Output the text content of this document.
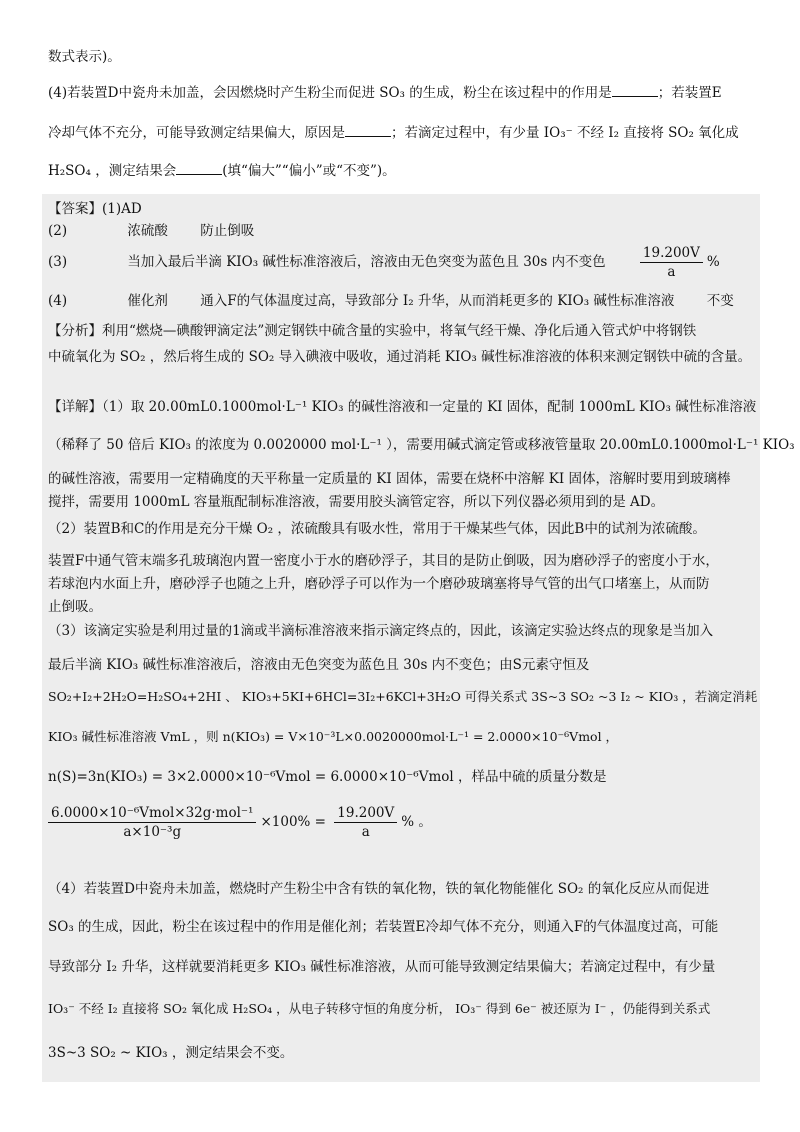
数式表示)。
(4)若装置D中瓷舟未加盖，会因燃烧时产生粉尘而促进 SO₃ 的生成，粉尘在该过程中的作用是	；若装置E
冷却气体不充分，可能导致测定结果偏大，原因是	；若滴定过程中，有少量 IO₃⁻ 不经 I₂ 直接将 SO₂ 氧化成
H₂SO₄ ，测定结果会	(填“偏大”“偏小”或“不变”)。
【答案】(1)AD
(2)	浓硫酸 防止倒吸
(3)	当加入最后半滴 KIO₃ 碱性标准溶液后，溶液由无色突变为蓝色且 30s 内不变色	$\frac{19.200V}{a}$ %
(4)	催化剂 通入F的气体温度过高，导致部分 I₂ 升华，从而消耗更多的 KIO₃ 碱性标准溶液 不变
【分析】利用“燃烧—碘酸钾滴定法”测定钢铁中硫含量的实验中，将氧气经干燥、净化后通入管式炉中将钢铁
中硫氧化为 SO₂ ，然后将生成的 SO₂ 导入碘液中吸收，通过消耗 KIO₃ 碱性标准溶液的体积来测定钢铁中硫的含量。
【详解】（1）取 20.00mL0.1000mol·L⁻¹ KIO₃ 的碱性溶液和一定量的 KI 固体，配制 1000mL KIO₃ 碱性标准溶液
（稀释了 50 倍后 KIO₃ 的浓度为 0.0020000 mol·L⁻¹ ），需要用碱式滴定管或移液管量取 20.00mL0.1000mol·L⁻¹ KIO₃
的碱性溶液，需要用一定精确度的天平称量一定质量的 KI 固体，需要在烧杯中溶解 KI 固体，溶解时要用到玻璃棒
搅拌，需要用 1000mL 容量瓶配制标准溶液，需要用胶头滴管定容，所以下列仪器必须用到的是 AD。
（2）装置B和C的作用是充分干燥 O₂ ，浓硫酸具有吸水性，常用于干燥某些气体，因此B中的试剂为浓硫酸。
装置F中通气管末端多孔玻璃泡内置一密度小于水的磨砂浮子，其目的是防止倒吸，因为磨砂浮子的密度小于水，
若球泡内水面上升，磨砂浮子也随之上升，磨砂浮子可以作为一个磨砂玻璃塞将导气管的出气口堵塞上，从而防
止倒吸。
（3）该滴定实验是利用过量的1滴或半滴标准溶液来指示滴定终点的，因此，该滴定实验达终点的现象是当加入
最后半滴 KIO₃ 碱性标准溶液后，溶液由无色突变为蓝色且 30s 内不变色；由S元素守恒及
SO₂+I₂+2H₂O=H₂SO₄+2HI 、 KIO₃+5KI+6HCl=3I₂+6KCl+3H₂O 可得关系式 3S~3 SO₂ ~3 I₂ ~ KIO₃ ，若滴定消耗
KIO₃ 碱性标准溶液 VmL ，则 n(KIO₃) = V×10⁻³L×0.0020000mol·L⁻¹ = 2.0000×10⁻⁶Vmol ，
n(S)=3n(KIO₃) = 3×2.0000×10⁻⁶Vmol = 6.0000×10⁻⁶Vmol ，样品中硫的质量分数是
$\frac{\text{6.0000×10⁻⁶Vmol×32g·mol⁻¹}}{\text{a×10⁻³g}} \times 100\% = \frac{19.200V}{a}$ % 。
（4）若装置D中瓷舟未加盖，燃烧时产生粉尘中含有铁的氧化物，铁的氧化物能催化 SO₂ 的氧化反应从而促进
SO₃ 的生成，因此，粉尘在该过程中的作用是催化剂；若装置E冷却气体不充分，则通入F的气体温度过高，可能
导致部分 I₂ 升华，这样就要消耗更多 KIO₃ 碱性标准溶液，从而可能导致测定结果偏大；若滴定过程中，有少量
IO₃⁻ 不经 I₂ 直接将 SO₂ 氧化成 H₂SO₄ ，从电子转移守恒的角度分析， IO₃⁻ 得到 6e⁻ 被还原为 I⁻ ，仍能得到关系式
3S~3 SO₂ ~ KIO₃ ，测定结果会不变。
